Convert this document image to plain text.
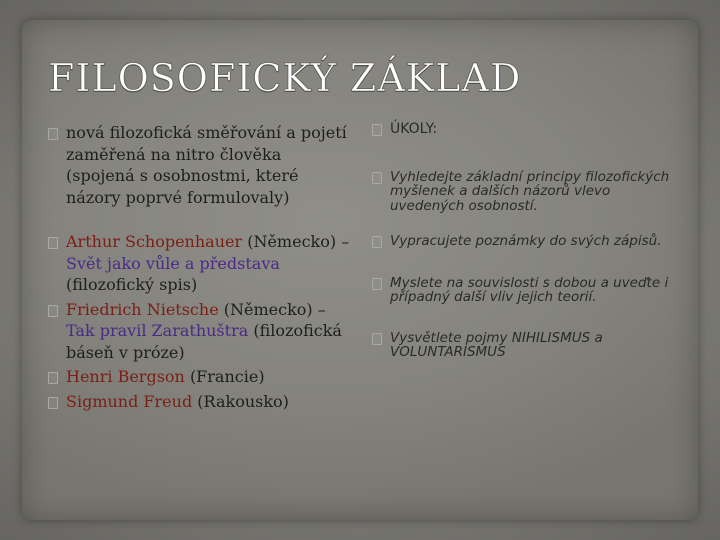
FILOSOFICKÝ ZÁKLAD
nová filozofická směřování a pojetí zaměřená na nitro člověka (spojená s osobnostmi, které názory poprvé formulovaly)
Arthur Schopenhauer (Německo) – Svět jako vůle a představa (filozofický spis)
Friedrich Nietsche (Německo) – Tak pravil Zarathuštra (filozofická báseň v próze)
Henri Bergson (Francie)
Sigmund Freud (Rakousko)
ÚKOLY:
Vyhledejte základní principy filozofických myšlenek a dalších názorů vlevo uvedených osobností.
Vypracujete poznámky do svých zápisů.
Myslete na souvislosti s dobou a uveďte i případný další vliv jejich teorií.
Vysvětlete pojmy NIHILISMUS a VOLUNTARISMUS
